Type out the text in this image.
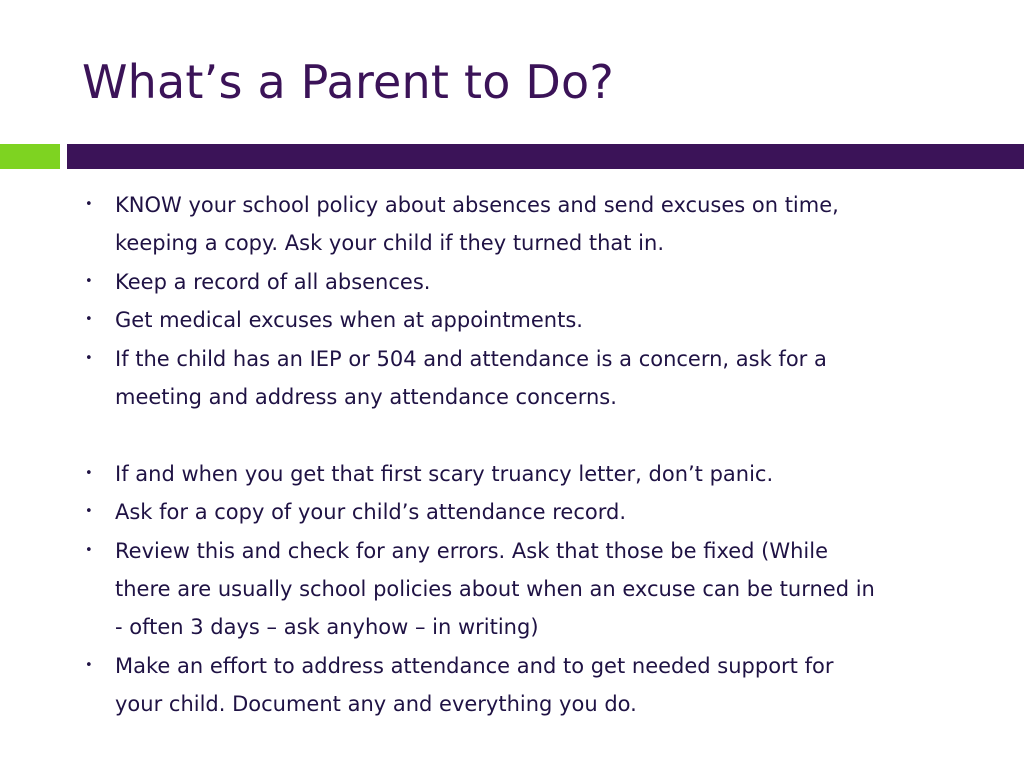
What’s a Parent to Do?
• KNOW your school policy about absences and send excuses on time,
keeping a copy. Ask your child if they turned that in.
• Keep a record of all absences.
• Get medical excuses when at appointments.
• If the child has an IEP or 504 and attendance is a concern, ask for a
meeting and address any attendance concerns.
• If and when you get that first scary truancy letter, don’t panic.
• Ask for a copy of your child’s attendance record.
• Review this and check for any errors. Ask that those be fixed (While
there are usually school policies about when an excuse can be turned in
- often 3 days – ask anyhow – in writing)
• Make an effort to address attendance and to get needed support for
your child. Document any and everything you do.
